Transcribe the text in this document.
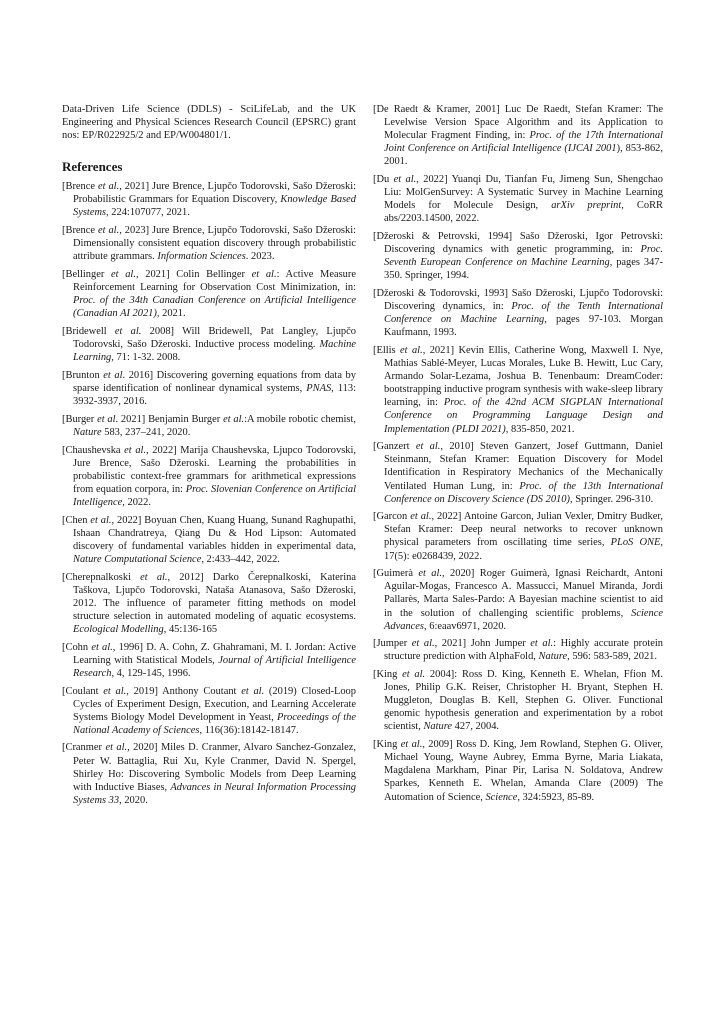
Data-Driven Life Science (DDLS) - SciLifeLab, and the UK Engineering and Physical Sciences Research Council (EPSRC) grant nos: EP/R022925/2 and EP/W004801/1.

References

[Brence et al., 2021] Jure Brence, Ljupčo Todorovski, Sašo Džeroski: Probabilistic Grammars for Equation Discovery, Knowledge Based Systems, 224:107077, 2021.

[Brence et al., 2023] Jure Brence, Ljupčo Todorovski, Sašo Džeroski: Dimensionally consistent equation discovery through probabilistic attribute grammars. Information Sciences. 2023.

[Bellinger et al., 2021] Colin Bellinger et al.: Active Measure Reinforcement Learning for Observation Cost Minimization, in: Proc. of the 34th Canadian Conference on Artificial Intelligence (Canadian AI 2021), 2021.

[Bridewell et al. 2008] Will Bridewell, Pat Langley, Ljupčo Todorovski, Sašo Džeroski. Inductive process modeling. Machine Learning, 71: 1-32. 2008.

[Brunton et al. 2016] Discovering governing equations from data by sparse identification of nonlinear dynamical systems, PNAS, 113: 3932-3937, 2016.

[Burger et al. 2021] Benjamin Burger et al.:A mobile robotic chemist, Nature 583, 237–241, 2020.

[Chaushevska et al., 2022] Marija Chaushevska, Ljupco Todorovski, Jure Brence, Sašo Džeroski. Learning the probabilities in probabilistic context-free grammars for arithmetical expressions from equation corpora, in: Proc. Slovenian Conference on Artificial Intelligence, 2022.

[Chen et al., 2022] Boyuan Chen, Kuang Huang, Sunand Raghupathi, Ishaan Chandratreya, Qiang Du & Hod Lipson: Automated discovery of fundamental variables hidden in experimental data, Nature Computational Science, 2:433–442, 2022.

[Cherepnalkoski et al., 2012] Darko Čerepnalkoski, Katerina Taškova, Ljupčo Todorovski, Nataša Atanasova, Sašo Džeroski, 2012. The influence of parameter fitting methods on model structure selection in automated modeling of aquatic ecosystems. Ecological Modelling, 45:136-165

[Cohn et al., 1996] D. A. Cohn, Z. Ghahramani, M. I. Jordan: Active Learning with Statistical Models, Journal of Artificial Intelligence Research, 4, 129-145, 1996.

[Coulant et al., 2019] Anthony Coutant et al. (2019) Closed-Loop Cycles of Experiment Design, Execution, and Learning Accelerate Systems Biology Model Development in Yeast, Proceedings of the National Academy of Sciences, 116(36):18142-18147.

[Cranmer et al., 2020] Miles D. Cranmer, Alvaro Sanchez-Gonzalez, Peter W. Battaglia, Rui Xu, Kyle Cranmer, David N. Spergel, Shirley Ho: Discovering Symbolic Models from Deep Learning with Inductive Biases, Advances in Neural Information Processing Systems 33, 2020.

[De Raedt & Kramer, 2001] Luc De Raedt, Stefan Kramer: The Levelwise Version Space Algorithm and its Application to Molecular Fragment Finding, in: Proc. of the 17th International Joint Conference on Artificial Intelligence (IJCAI 2001), 853-862, 2001.

[Du et al., 2022] Yuanqi Du, Tianfan Fu, Jimeng Sun, Shengchao Liu: MolGenSurvey: A Systematic Survey in Machine Learning Models for Molecule Design, arXiv preprint, CoRR abs/2203.14500, 2022.

[Džeroski & Petrovski, 1994] Sašo Džeroski, Igor Petrovski: Discovering dynamics with genetic programming, in: Proc. Seventh European Conference on Machine Learning, pages 347-350. Springer, 1994.

[Džeroski & Todorovski, 1993] Sašo Džeroski, Ljupčo Todorovski: Discovering dynamics, in: Proc. of the Tenth International Conference on Machine Learning, pages 97-103. Morgan Kaufmann, 1993.

[Ellis et al., 2021] Kevin Ellis, Catherine Wong, Maxwell I. Nye, Mathias Sablé-Meyer, Lucas Morales, Luke B. Hewitt, Luc Cary, Armando Solar-Lezama, Joshua B. Tenenbaum: DreamCoder: bootstrapping inductive program synthesis with wake-sleep library learning, in: Proc. of the 42nd ACM SIGPLAN International Conference on Programming Language Design and Implementation (PLDI 2021), 835-850, 2021.

[Ganzert et al., 2010] Steven Ganzert, Josef Guttmann, Daniel Steinmann, Stefan Kramer: Equation Discovery for Model Identification in Respiratory Mechanics of the Mechanically Ventilated Human Lung, in: Proc. of the 13th International Conference on Discovery Science (DS 2010), Springer. 296-310.

[Garcon et al., 2022] Antoine Garcon, Julian Vexler, Dmitry Budker, Stefan Kramer: Deep neural networks to recover unknown physical parameters from oscillating time series, PLoS ONE, 17(5): e0268439, 2022.

[Guimerà et al., 2020] Roger Guimerà, Ignasi Reichardt, Antoni Aguilar-Mogas, Francesco A. Massucci, Manuel Miranda, Jordi Pallarès, Marta Sales-Pardo: A Bayesian machine scientist to aid in the solution of challenging scientific problems, Science Advances, 6:eaav6971, 2020.

[Jumper et al., 2021] John Jumper et al.: Highly accurate protein structure prediction with AlphaFold, Nature, 596: 583-589, 2021.

[King et al. 2004]: Ross D. King, Kenneth E. Whelan, Ffion M. Jones, Philip G.K. Reiser, Christopher H. Bryant, Stephen H. Muggleton, Douglas B. Kell, Stephen G. Oliver. Functional genomic hypothesis generation and experimentation by a robot scientist, Nature 427, 2004.

[King et al., 2009] Ross D. King, Jem Rowland, Stephen G. Oliver, Michael Young, Wayne Aubrey, Emma Byrne, Maria Liakata, Magdalena Markham, Pinar Pir, Larisa N. Soldatova, Andrew Sparkes, Kenneth E. Whelan, Amanda Clare (2009) The Automation of Science, Science, 324:5923, 85-89.
